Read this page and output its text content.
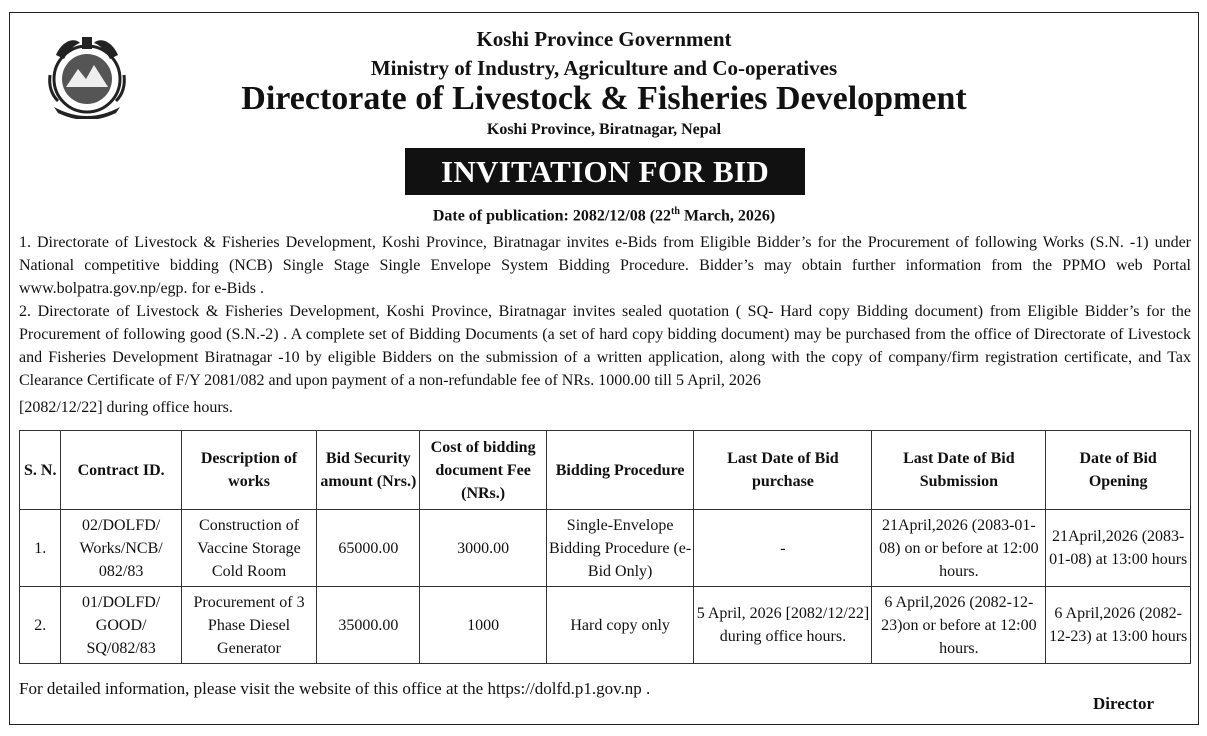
Koshi Province Government
Ministry of Industry, Agriculture and Co-operatives
Directorate of Livestock & Fisheries Development
Koshi Province, Biratnagar, Nepal
INVITATION FOR BID
Date of publication: 2082/12/08 (22th March, 2026)
1. Directorate of Livestock & Fisheries Development, Koshi Province, Biratnagar invites e-Bids from Eligible Bidder’s for the Procurement of following Works (S.N. -1) under National competitive bidding (NCB) Single Stage Single Envelope System Bidding Procedure. Bidder’s may obtain further information from the PPMO web Portal www.bolpatra.gov.np/egp. for e-Bids .
2. Directorate of Livestock & Fisheries Development, Koshi Province, Biratnagar invites sealed quotation ( SQ- Hard copy Bidding document) from Eligible Bidder’s for the Procurement of following good (S.N.-2) . A complete set of Bidding Documents (a set of hard copy bidding document) may be purchased from the office of Directorate of Livestock and Fisheries Development Biratnagar -10 by eligible Bidders on the submission of a written application, along with the copy of company/firm registration certificate, and Tax Clearance Certificate of F/Y 2081/082 and upon payment of a non-refundable fee of NRs. 1000.00 till 5 April, 2026
[2082/12/22] during office hours.
S. N.	Contract ID.	Description of works	Bid Security amount (Nrs.)	Cost of bidding document Fee (NRs.)	Bidding Procedure	Last Date of Bid purchase	Last Date of Bid Submission	Date of Bid Opening
1.	02/DOLFD/ Works/NCB/ 082/83	Construction of Vaccine Storage Cold Room	65000.00	3000.00	Single-Envelope Bidding Procedure (e-Bid Only)	-	21April,2026 (2083-01-08) on or before at 12:00 hours.	21April,2026 (2083-01-08) at 13:00 hours
2.	01/DOLFD/ GOOD/ SQ/082/83	Procurement of 3 Phase Diesel Generator	35000.00	1000	Hard copy only	5 April, 2026 [2082/12/22] during office hours.	6 April,2026 (2082-12-23)on or before at 12:00 hours.	6 April,2026 (2082-12-23) at 13:00 hours
For detailed information, please visit the website of this office at the https://dolfd.p1.gov.np .
Director
